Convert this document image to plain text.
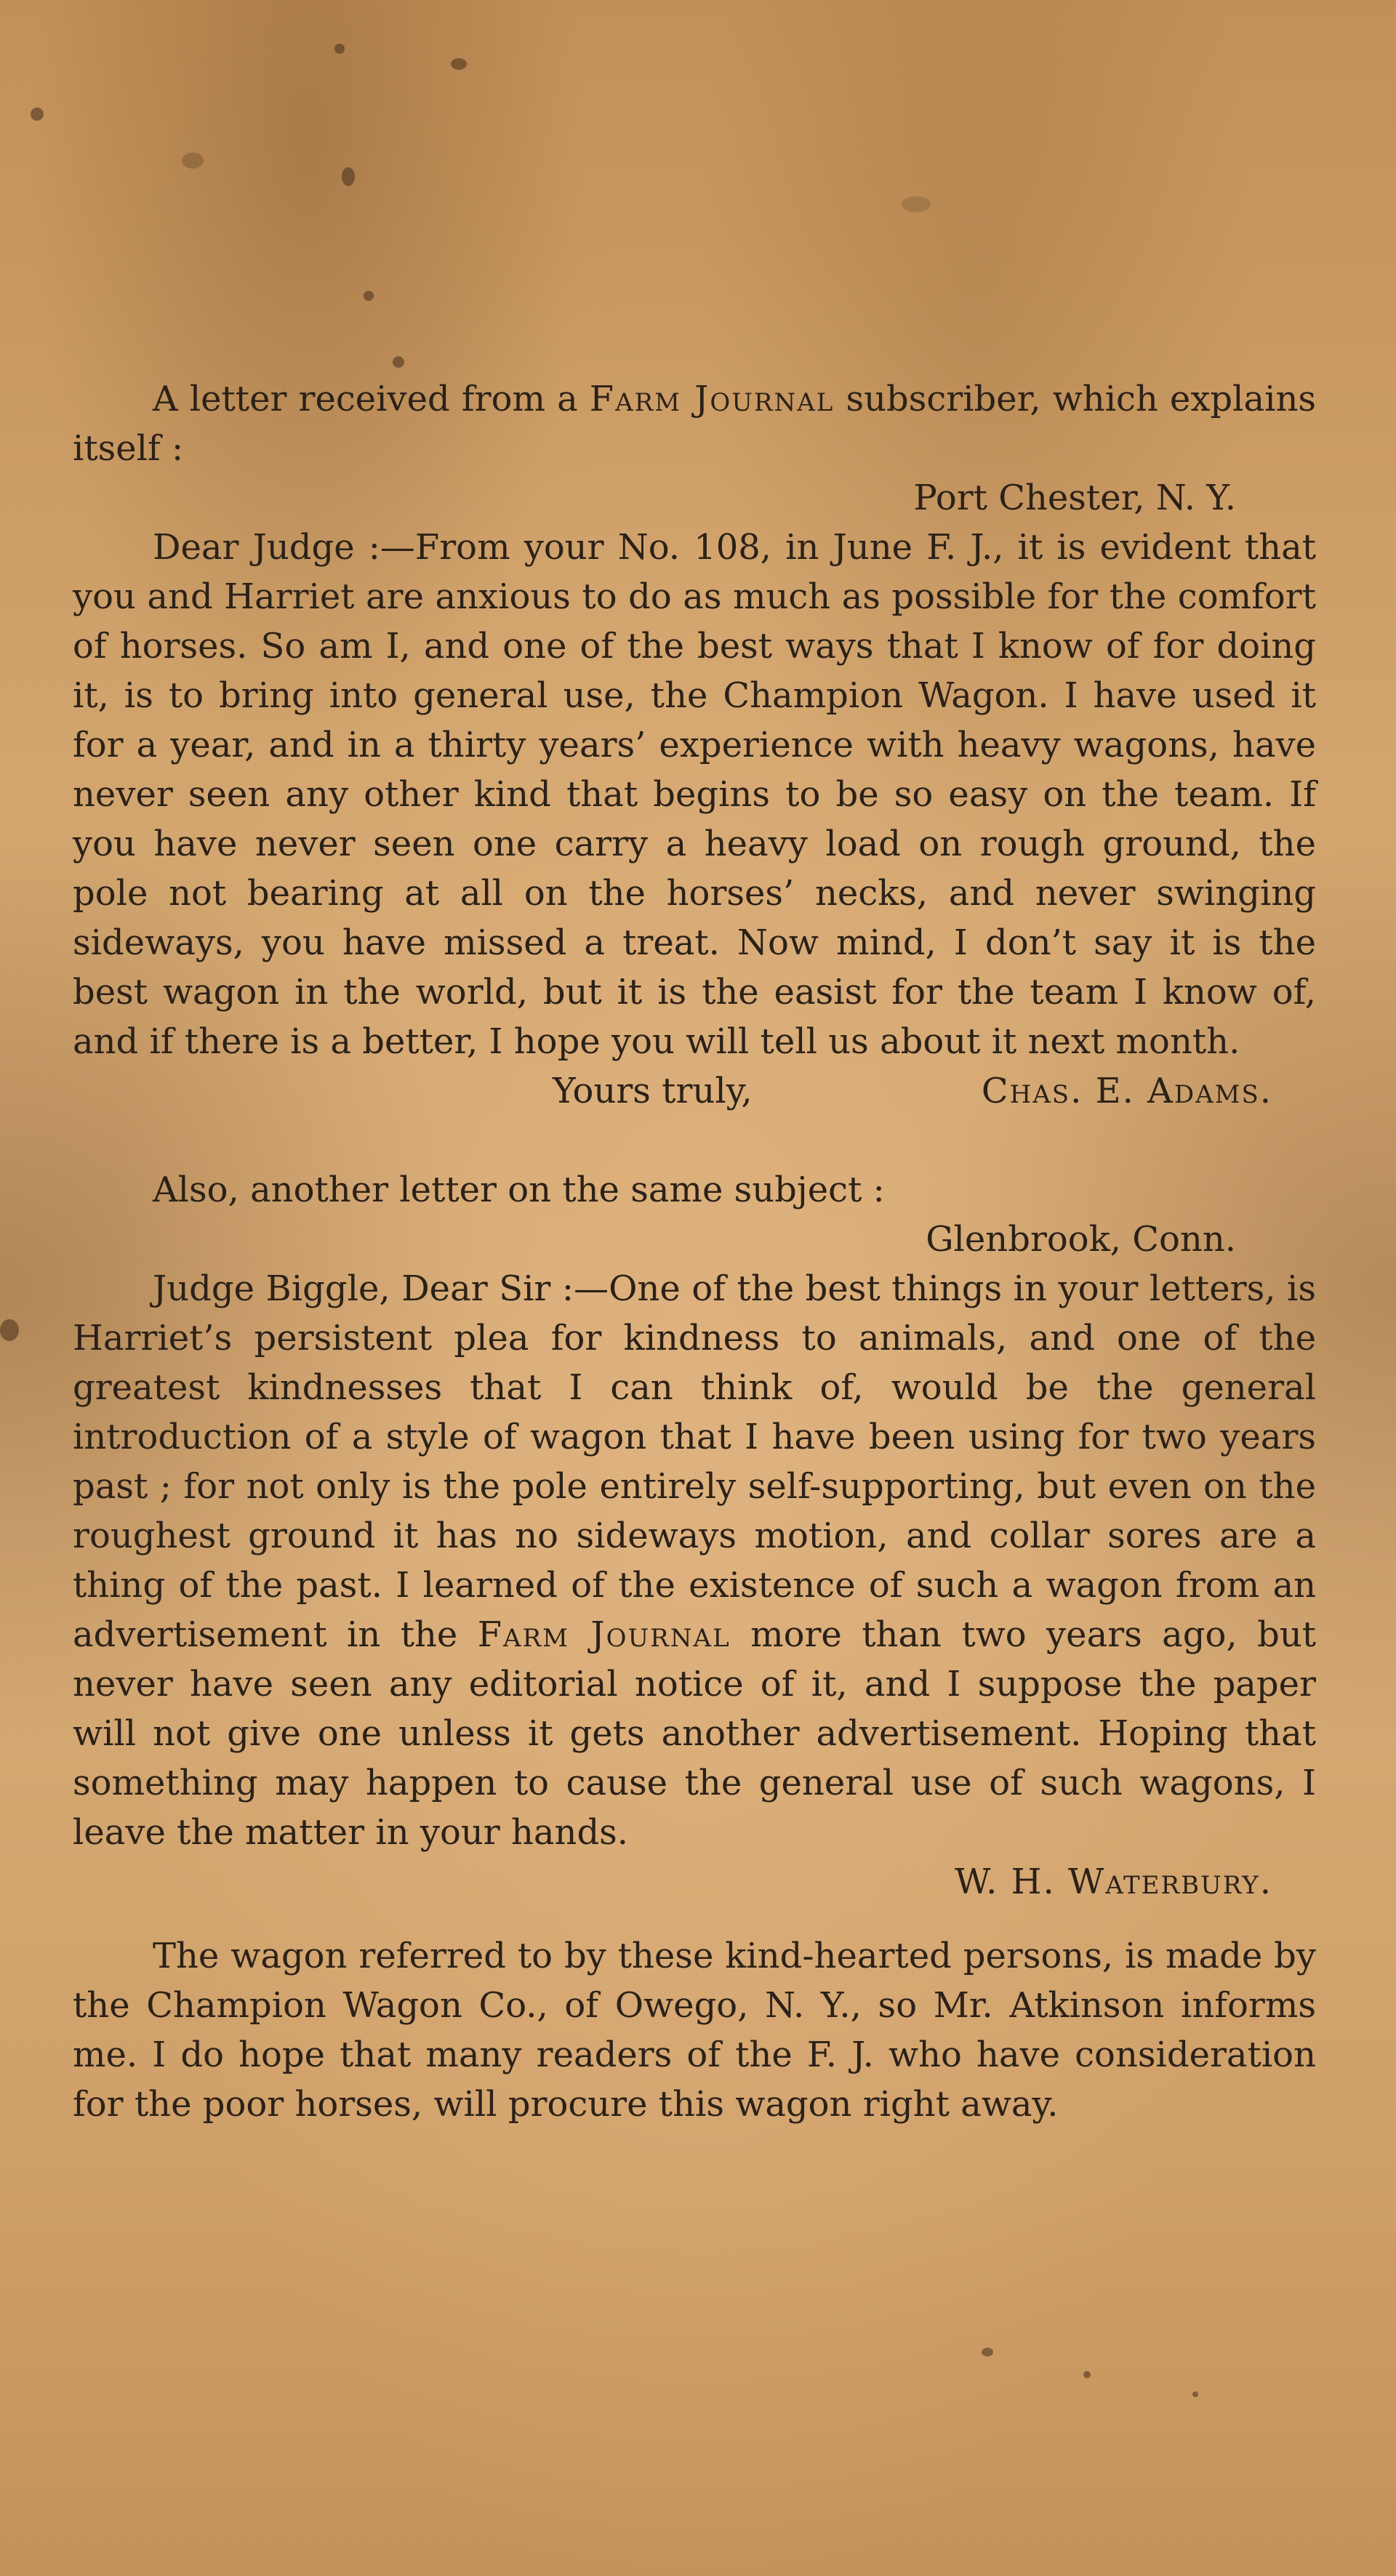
A letter received from a Farm Journal subscriber, which explains itself :

Port Chester, N. Y.

Dear Judge :—From your No. 108, in June F. J., it is evident that you and Harriet are anxious to do as much as possible for the comfort of horses. So am I, and one of the best ways that I know of for doing it, is to bring into general use, the Champion Wagon. I have used it for a year, and in a thirty years’ experience with heavy wagons, have never seen any other kind that begins to be so easy on the team. If you have never seen one carry a heavy load on rough ground, the pole not bearing at all on the horses’ necks, and never swinging sideways, you have missed a treat. Now mind, I don’t say it is the best wagon in the world, but it is the easist for the team I know of, and if there is a better, I hope you will tell us about it next month.

Yours truly,	Chas. E. Adams.

Also, another letter on the same subject :

Glenbrook, Conn.

Judge Biggle, Dear Sir :—One of the best things in your letters, is Harriet’s persistent plea for kindness to animals, and one of the greatest kindnesses that I can think of, would be the general introduction of a style of wagon that I have been using for two years past ; for not only is the pole entirely self-supporting, but even on the roughest ground it has no sideways motion, and collar sores are a thing of the past. I learned of the existence of such a wagon from an advertisement in the Farm Journal more than two years ago, but never have seen any editorial notice of it, and I suppose the paper will not give one unless it gets another advertisement. Hoping that something may happen to cause the general use of such wagons, I leave the matter in your hands.

W. H. Waterbury.

The wagon referred to by these kind-hearted persons, is made by the Champion Wagon Co., of Owego, N. Y., so Mr. Atkinson informs me. I do hope that many readers of the F. J. who have consideration for the poor horses, will procure this wagon right away.
